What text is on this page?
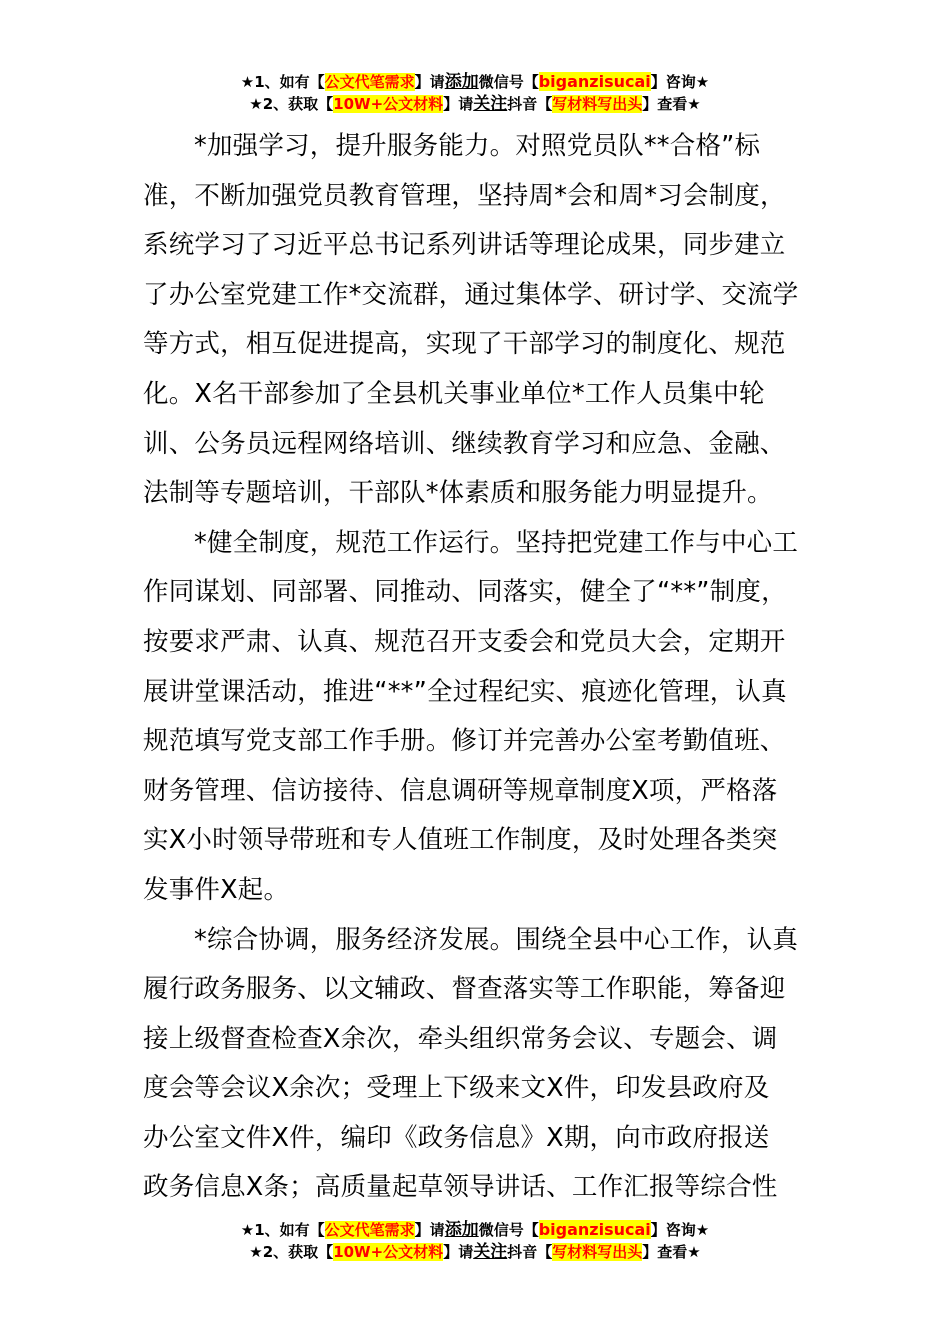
★1、如有【公文代笔需求】请添加微信号【biganzisucai】咨询★
★2、获取【10W+公文材料】请关注抖音【写材料写出头】查看★

*加强学习，提升服务能力。对照党员队**合格”标
准，不断加强党员教育管理，坚持周*会和周*习会制度，
系统学习了习近平总书记系列讲话等理论成果，同步建立
了办公室党建工作*交流群，通过集体学、研讨学、交流学
等方式，相互促进提高，实现了干部学习的制度化、规范
化。X名干部参加了全县机关事业单位*工作人员集中轮
训、公务员远程网络培训、继续教育学习和应急、金融、
法制等专题培训，干部队*体素质和服务能力明显提升。

*健全制度，规范工作运行。坚持把党建工作与中心工
作同谋划、同部署、同推动、同落实，健全了“**”制度，
按要求严肃、认真、规范召开支委会和党员大会，定期开
展讲堂课活动，推进“**”全过程纪实、痕迹化管理，认真
规范填写党支部工作手册。修订并完善办公室考勤值班、
财务管理、信访接待、信息调研等规章制度X项，严格落
实X小时领导带班和专人值班工作制度，及时处理各类突
发事件X起。

*综合协调，服务经济发展。围绕全县中心工作，认真
履行政务服务、以文辅政、督查落实等工作职能，筹备迎
接上级督查检查X余次，牵头组织常务会议、专题会、调
度会等会议X余次；受理上下级来文X件，印发县政府及
办公室文件X件，编印《政务信息》X期，向市政府报送
政务信息X条；高质量起草领导讲话、工作汇报等综合性

★1、如有【公文代笔需求】请添加微信号【biganzisucai】咨询★
★2、获取【10W+公文材料】请关注抖音【写材料写出头】查看★
